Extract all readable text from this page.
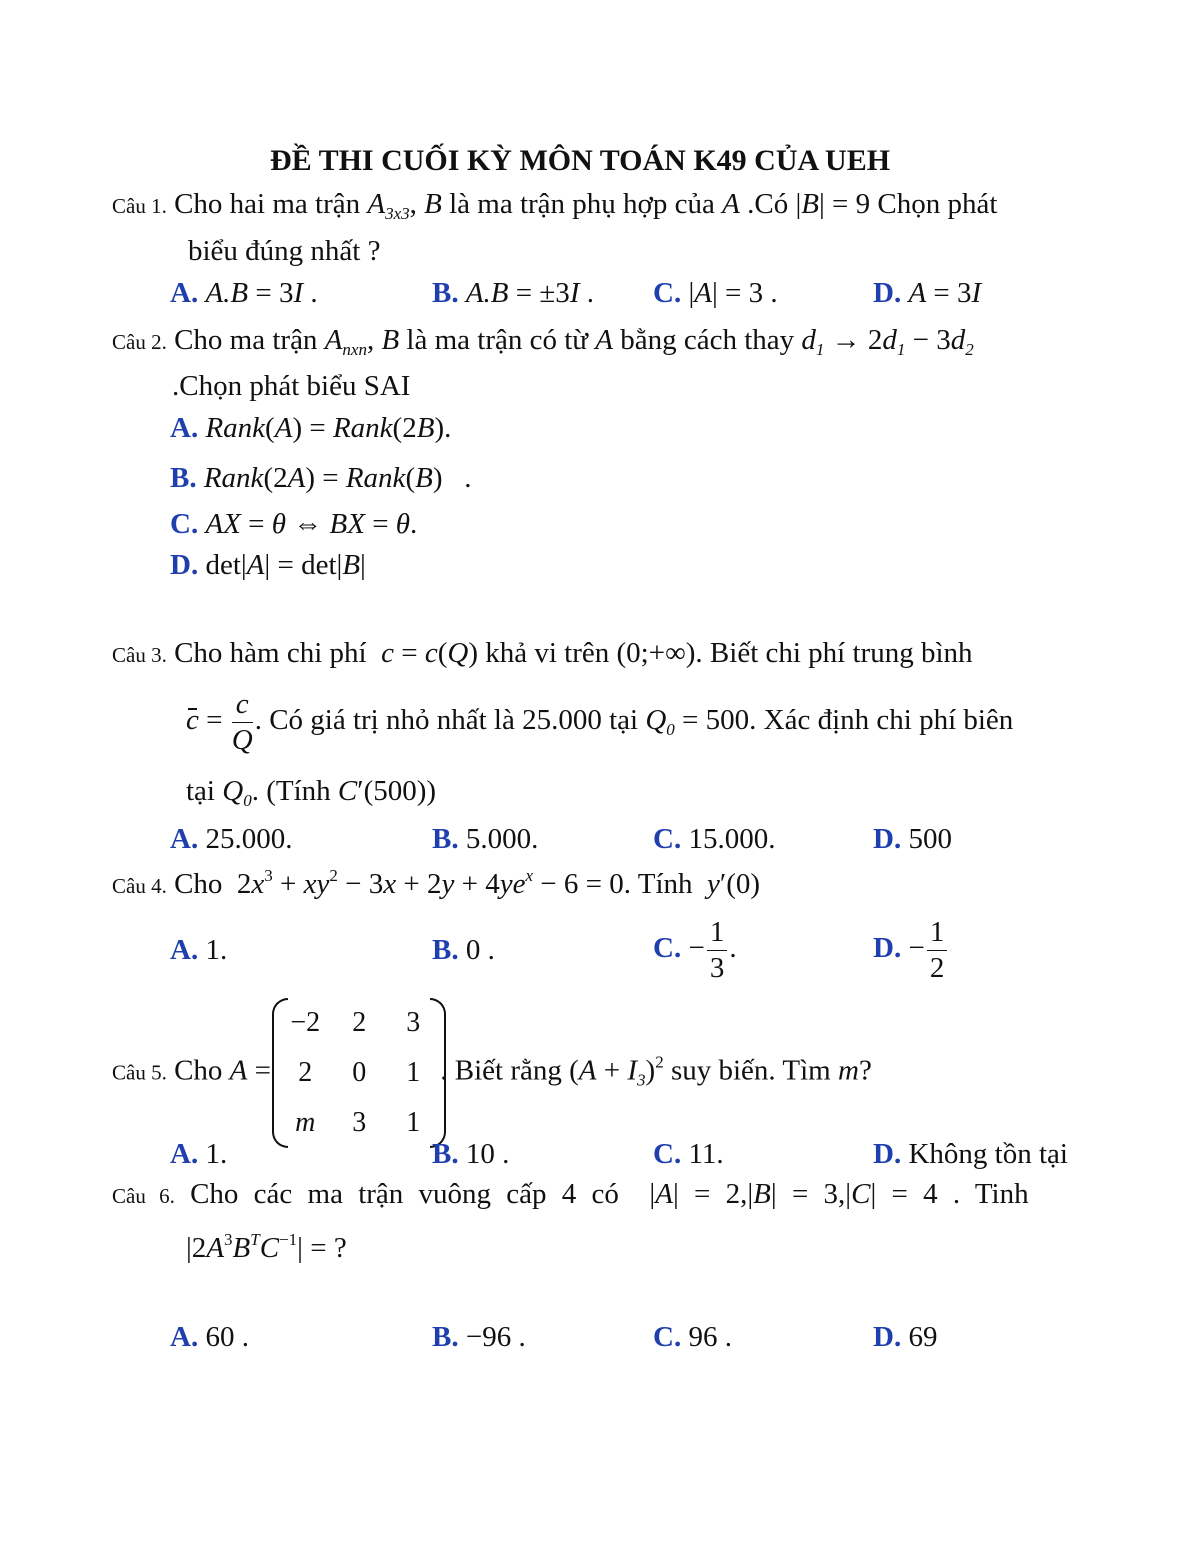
ĐỀ THI CUỐI KỲ MÔN TOÁN K49 CỦA UEH
Câu 1. Cho hai ma trận $A_{3x3}$, B là ma trận phụ hợp của A .Có |B| = 9 Chọn phát
biểu đúng nhất ?
A. A.B = 3I .	B. A.B = ±3I . C. |A| = 3 .	D. A = 3I
Câu 2. Cho ma trận $A_{nxn}$, B là ma trận có từ A bằng cách thay $d_1 \to 2d_1 - 3d_2$
.Chọn phát biểu SAI
A. Rank(A) = Rank(2B).
B. Rank(2A) = Rank(B)   .
C. AX = θ ⇔ BX = θ.
D. det|A| = det|B|
Câu 3. Cho hàm chi phí c = c(Q) khả vi trên (0;+∞). Biết chi phí trung bình
$c = \frac{c}{Q}$ . Có giá trị nhỏ nhất là 25.000 tại $Q_0 = 500$. Xác định chi phí biên
tại $Q_0$. (Tính C′(500))
A. 25.000.	B. 5.000.	C. 15.000.	D. 500
Câu 4. Cho  $2x^3 + xy^2 - 3x + 2y + 4ye^x - 6 = 0$. Tính y′(0)
A. 1.	B. 0 .	C. − $\frac{1}{3}$ .	D. − $\frac{1}{2}$
Câu 5. Cho A =
−2	2	3
2	0	1
m	3	1
. Biết rằng $(A + I_3)^2$ suy biến. Tìm m?
A. 1.	B. 10 .	C. 11.	D. Không tồn tại
Câu 6. Cho các ma trận vuông cấp 4 có  |A| = 2,|B| = 3,|C| = 4 . Tinh
$|2A^3B^TC^{-1}|$ = ?
A. 60 .	B. −96 .	C. 96 .	D. 69
